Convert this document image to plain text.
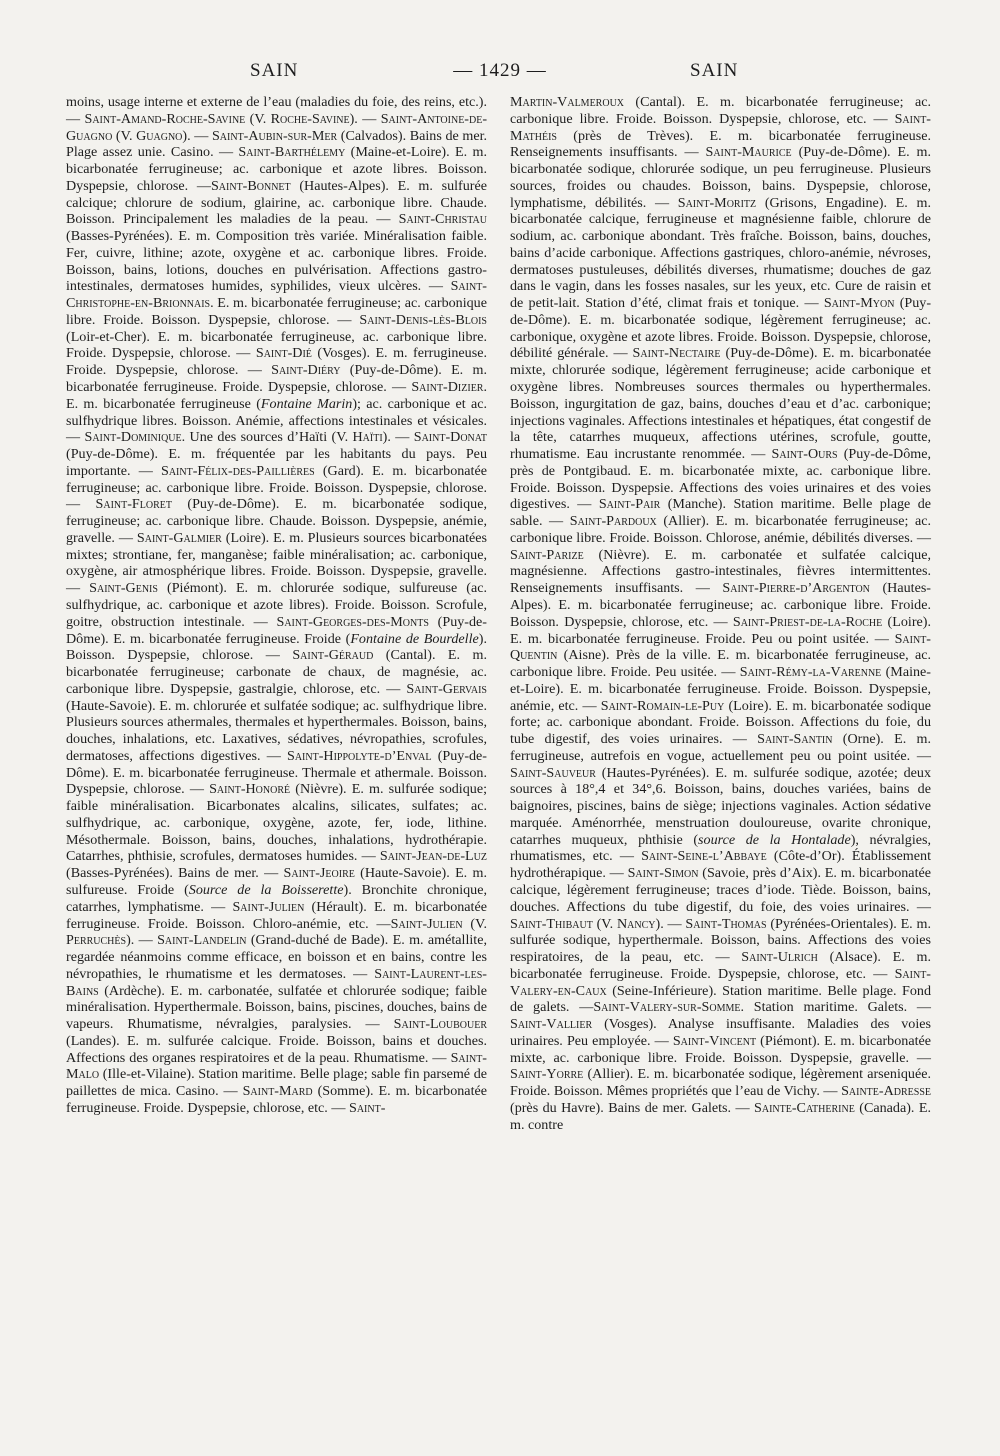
SAIN	— 1429 —	SAIN

moins, usage interne et externe de l’eau (maladies du foie, des reins, etc.). — Saint-Amand-Roche-Savine (V. Roche-Savine). — Saint-Antoine-de-Guagno (V. Guagno). — Saint-Aubin-sur-Mer (Calvados). Bains de mer. Plage assez unie. Casino. — Saint-Barthélemy (Maine-et-Loire). E. m. bicarbonatée ferrugineuse; ac. carbonique et azote libres. Boisson. Dyspepsie, chlorose. —Saint-Bonnet (Hautes-Alpes). E. m. sulfurée calcique; chlorure de sodium, glairine, ac. carbonique libre. Chaude. Boisson. Principalement les maladies de la peau. — Saint-Christau (Basses-Pyrénées). E. m. Composition très variée. Minéralisation faible. Fer, cuivre, lithine; azote, oxygène et ac. carbonique libres. Froide. Boisson, bains, lotions, douches en pulvérisation. Affections gastro-intestinales, dermatoses humides, syphilides, vieux ulcères. — Saint-Christophe-en-Brionnais. E. m. bicarbonatée ferrugineuse; ac. carbonique libre. Froide. Boisson. Dyspepsie, chlorose. — Saint-Denis-lès-Blois (Loir-et-Cher). E. m. bicarbonatée ferrugineuse, ac. carbonique libre. Froide. Dyspepsie, chlorose. — Saint-Dié (Vosges). E. m. ferrugineuse. Froide. Dyspepsie, chlorose. — Saint-Diéry (Puy-de-Dôme). E. m. bicarbonatée ferrugineuse. Froide. Dyspepsie, chlorose. — Saint-Dizier. E. m. bicarbonatée ferrugineuse (Fontaine Marin); ac. carbonique et ac. sulfhydrique libres. Boisson. Anémie, affections intestinales et vésicales. — Saint-Dominique. Une des sources d’Haïti (V. Haïti). — Saint-Donat (Puy-de-Dôme). E. m. fréquentée par les habitants du pays. Peu importante. — Saint-Félix-des-Paillières (Gard). E. m. bicarbonatée ferrugineuse; ac. carbonique libre. Froide. Boisson. Dyspepsie, chlorose. — Saint-Floret (Puy-de-Dôme). E. m. bicarbonatée sodique, ferrugineuse; ac. carbonique libre. Chaude. Boisson. Dyspepsie, anémie, gravelle. — Saint-Galmier (Loire). E. m. Plusieurs sources bicarbonatées mixtes; strontiane, fer, manganèse; faible minéralisation; ac. carbonique, oxygène, air atmosphérique libres. Froide. Boisson. Dyspepsie, gravelle. — Saint-Genis (Piémont). E. m. chlorurée sodique, sulfureuse (ac. sulfhydrique, ac. carbonique et azote libres). Froide. Boisson. Scrofule, goitre, obstruction intestinale. — Saint-Georges-des-Monts (Puy-de-Dôme). E. m. bicarbonatée ferrugineuse. Froide (Fontaine de Bourdelle). Boisson. Dyspepsie, chlorose. — Saint-Géraud (Cantal). E. m. bicarbonatée ferrugineuse; carbonate de chaux, de magnésie, ac. carbonique libre. Dyspepsie, gastralgie, chlorose, etc. — Saint-Gervais (Haute-Savoie). E. m. chlorurée et sulfatée sodique; ac. sulfhydrique libre. Plusieurs sources athermales, thermales et hyperthermales. Boisson, bains, douches, inhalations, etc. Laxatives, sédatives, névropathies, scrofules, dermatoses, affections digestives. — Saint-Hippolyte-d’Enval (Puy-de-Dôme). E. m. bicarbonatée ferrugineuse. Thermale et athermale. Boisson. Dyspepsie, chlorose. — Saint-Honoré (Nièvre). E. m. sulfurée sodique; faible minéralisation. Bicarbonates alcalins, silicates, sulfates; ac. sulfhydrique, ac. carbonique, oxygène, azote, fer, iode, lithine. Mésothermale. Boisson, bains, douches, inhalations, hydrothérapie. Catarrhes, phthisie, scrofules, dermatoses humides. — Saint-Jean-de-Luz (Basses-Pyrénées). Bains de mer. — Saint-Jeoire (Haute-Savoie). E. m. sulfureuse. Froide (Source de la Boisserette). Bronchite chronique, catarrhes, lymphatisme. — Saint-Julien (Hérault). E. m. bicarbonatée ferrugineuse. Froide. Boisson. Chloro-anémie, etc. —Saint-Julien (V. Perruchès). — Saint-Landelin (Grand-duché de Bade). E. m. amétallite, regardée néanmoins comme efficace, en boisson et en bains, contre les névropathies, le rhumatisme et les dermatoses. — Saint-Laurent-les-Bains (Ardèche). E. m. carbonatée, sulfatée et chlorurée sodique; faible minéralisation. Hyperthermale. Boisson, bains, piscines, douches, bains de vapeurs. Rhumatisme, névralgies, paralysies. — Saint-Loubouer (Landes). E. m. sulfurée calcique. Froide. Boisson, bains et douches. Affections des organes respiratoires et de la peau. Rhumatisme. — Saint-Malo (Ille-et-Vilaine). Station maritime. Belle plage; sable fin parsemé de paillettes de mica. Casino. — Saint-Mard (Somme). E. m. bicarbonatée ferrugineuse. Froide. Dyspepsie, chlorose, etc. — Saint-

Martin-Valmeroux (Cantal). E. m. bicarbonatée ferrugineuse; ac. carbonique libre. Froide. Boisson. Dyspepsie, chlorose, etc. — Saint-Mathéis (près de Trèves). E. m. bicarbonatée ferrugineuse. Renseignements insuffisants. — Saint-Maurice (Puy-de-Dôme). E. m. bicarbonatée sodique, chlorurée sodique, un peu ferrugineuse. Plusieurs sources, froides ou chaudes. Boisson, bains. Dyspepsie, chlorose, lymphatisme, débilités. — Saint-Moritz (Grisons, Engadine). E. m. bicarbonatée calcique, ferrugineuse et magnésienne faible, chlorure de sodium, ac. carbonique abondant. Très fraîche. Boisson, bains, douches, bains d’acide carbonique. Affections gastriques, chloro-anémie, névroses, dermatoses pustuleuses, débilités diverses, rhumatisme; douches de gaz dans le vagin, dans les fosses nasales, sur les yeux, etc. Cure de raisin et de petit-lait. Station d’été, climat frais et tonique. — Saint-Myon (Puy-de-Dôme). E. m. bicarbonatée sodique, légèrement ferrugineuse; ac. carbonique, oxygène et azote libres. Froide. Boisson. Dyspepsie, chlorose, débilité générale. — Saint-Nectaire (Puy-de-Dôme). E. m. bicarbonatée mixte, chlorurée sodique, légèrement ferrugineuse; acide carbonique et oxygène libres. Nombreuses sources thermales ou hyperthermales. Boisson, ingurgitation de gaz, bains, douches d’eau et d’ac. carbonique; injections vaginales. Affections intestinales et hépatiques, état congestif de la tête, catarrhes muqueux, affections utérines, scrofule, goutte, rhumatisme. Eau incrustante renommée. — Saint-Ours (Puy-de-Dôme, près de Pontgibaud. E. m. bicarbonatée mixte, ac. carbonique libre. Froide. Boisson. Dyspepsie. Affections des voies urinaires et des voies digestives. — Saint-Pair (Manche). Station maritime. Belle plage de sable. — Saint-Pardoux (Allier). E. m. bicarbonatée ferrugineuse; ac. carbonique libre. Froide. Boisson. Chlorose, anémie, débilités diverses. — Saint-Parize (Nièvre). E. m. carbonatée et sulfatée calcique, magnésienne. Affections gastro-intestinales, fièvres intermittentes. Renseignements insuffisants. — Saint-Pierre-d’Argenton (Hautes-Alpes). E. m. bicarbonatée ferrugineuse; ac. carbonique libre. Froide. Boisson. Dyspepsie, chlorose, etc. — Saint-Priest-de-la-Roche (Loire). E. m. bicarbonatée ferrugineuse. Froide. Peu ou point usitée. — Saint-Quentin (Aisne). Près de la ville. E. m. bicarbonatée ferrugineuse, ac. carbonique libre. Froide. Peu usitée. — Saint-Rémy-la-Varenne (Maine-et-Loire). E. m. bicarbonatée ferrugineuse. Froide. Boisson. Dyspepsie, anémie, etc. — Saint-Romain-le-Puy (Loire). E. m. bicarbonatée sodique forte; ac. carbonique abondant. Froide. Boisson. Affections du foie, du tube digestif, des voies urinaires. — Saint-Santin (Orne). E. m. ferrugineuse, autrefois en vogue, actuellement peu ou point usitée. — Saint-Sauveur (Hautes-Pyrénées). E. m. sulfurée sodique, azotée; deux sources à 18°,4 et 34°,6. Boisson, bains, douches variées, bains de baignoires, piscines, bains de siège; injections vaginales. Action sédative marquée. Aménorrhée, menstruation douloureuse, ovarite chronique, catarrhes muqueux, phthisie (source de la Hontalade), névralgies, rhumatismes, etc. — Saint-Seine-l’Abbaye (Côte-d’Or). Établissement hydrothérapique. — Saint-Simon (Savoie, près d’Aix). E. m. bicarbonatée calcique, légèrement ferrugineuse; traces d’iode. Tiède. Boisson, bains, douches. Affections du tube digestif, du foie, des voies urinaires. — Saint-Thibaut (V. Nancy). — Saint-Thomas (Pyrénées-Orientales). E. m. sulfurée sodique, hyperthermale. Boisson, bains. Affections des voies respiratoires, de la peau, etc. — Saint-Ulrich (Alsace). E. m. bicarbonatée ferrugineuse. Froide. Dyspepsie, chlorose, etc. — Saint-Valery-en-Caux (Seine-Inférieure). Station maritime. Belle plage. Fond de galets. —Saint-Valery-sur-Somme. Station maritime. Galets. — Saint-Vallier (Vosges). Analyse insuffisante. Maladies des voies urinaires. Peu employée. — Saint-Vincent (Piémont). E. m. bicarbonatée mixte, ac. carbonique libre. Froide. Boisson. Dyspepsie, gravelle. — Saint-Yorre (Allier). E. m. bicarbonatée sodique, légèrement arseniquée. Froide. Boisson. Mêmes propriétés que l’eau de Vichy. — Sainte-Adresse (près du Havre). Bains de mer. Galets. — Sainte-Catherine (Canada). E. m. contre
